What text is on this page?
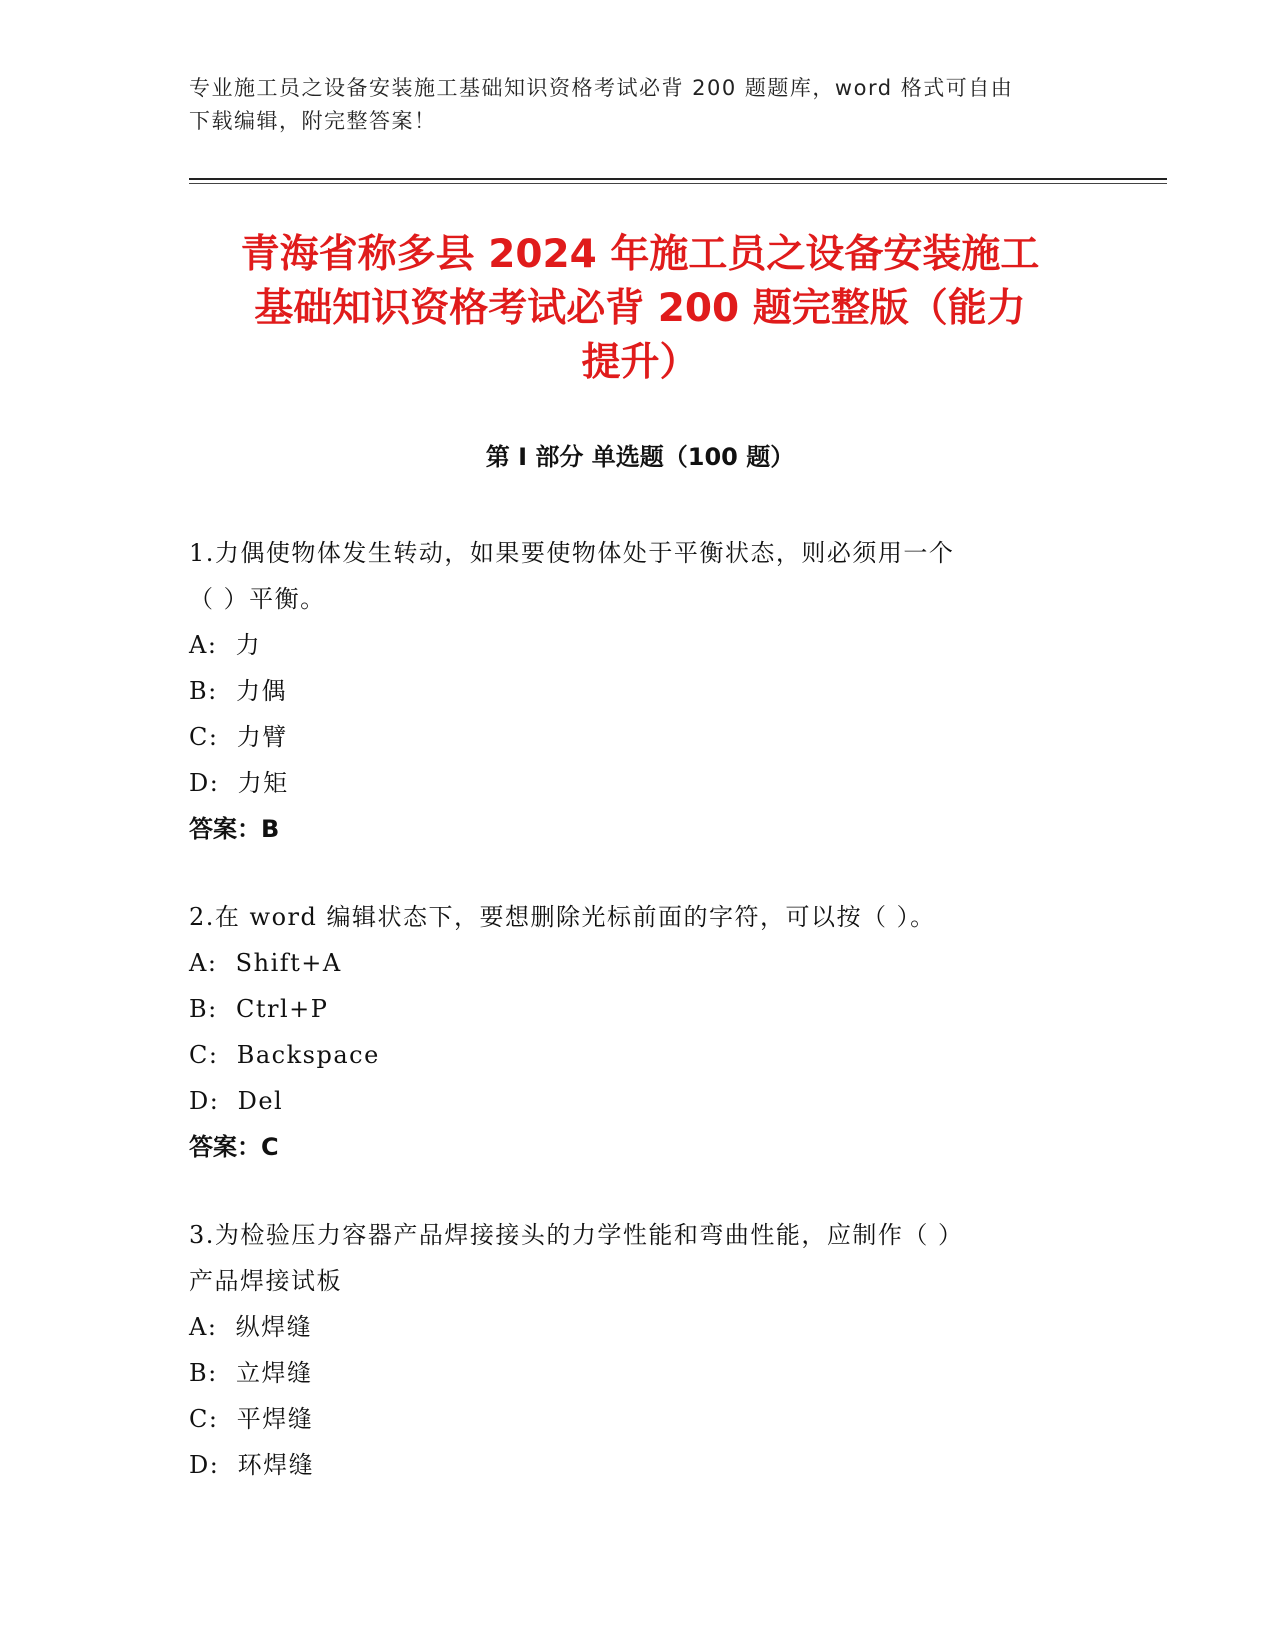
专业施工员之设备安装施工基础知识资格考试必背 200 题题库，word 格式可自由
下载编辑，附完整答案！
青海省称多县 2024 年施工员之设备安装施工
基础知识资格考试必背 200 题完整版（能力
提升）
第 I 部分 单选题（100 题）
1.力偶使物体发生转动，如果要使物体处于平衡状态，则必须用一个
（ ）平衡。
A:  力
B:  力偶
C:  力臂
D:  力矩
答案：B
2.在 word 编辑状态下，要想删除光标前面的字符，可以按（ ）。
A:  Shift+A
B:  Ctrl+P
C:  Backspace
D:  Del
答案：C
3.为检验压力容器产品焊接接头的力学性能和弯曲性能，应制作（ ）
产品焊接试板
A:  纵焊缝
B:  立焊缝
C:  平焊缝
D:  环焊缝
